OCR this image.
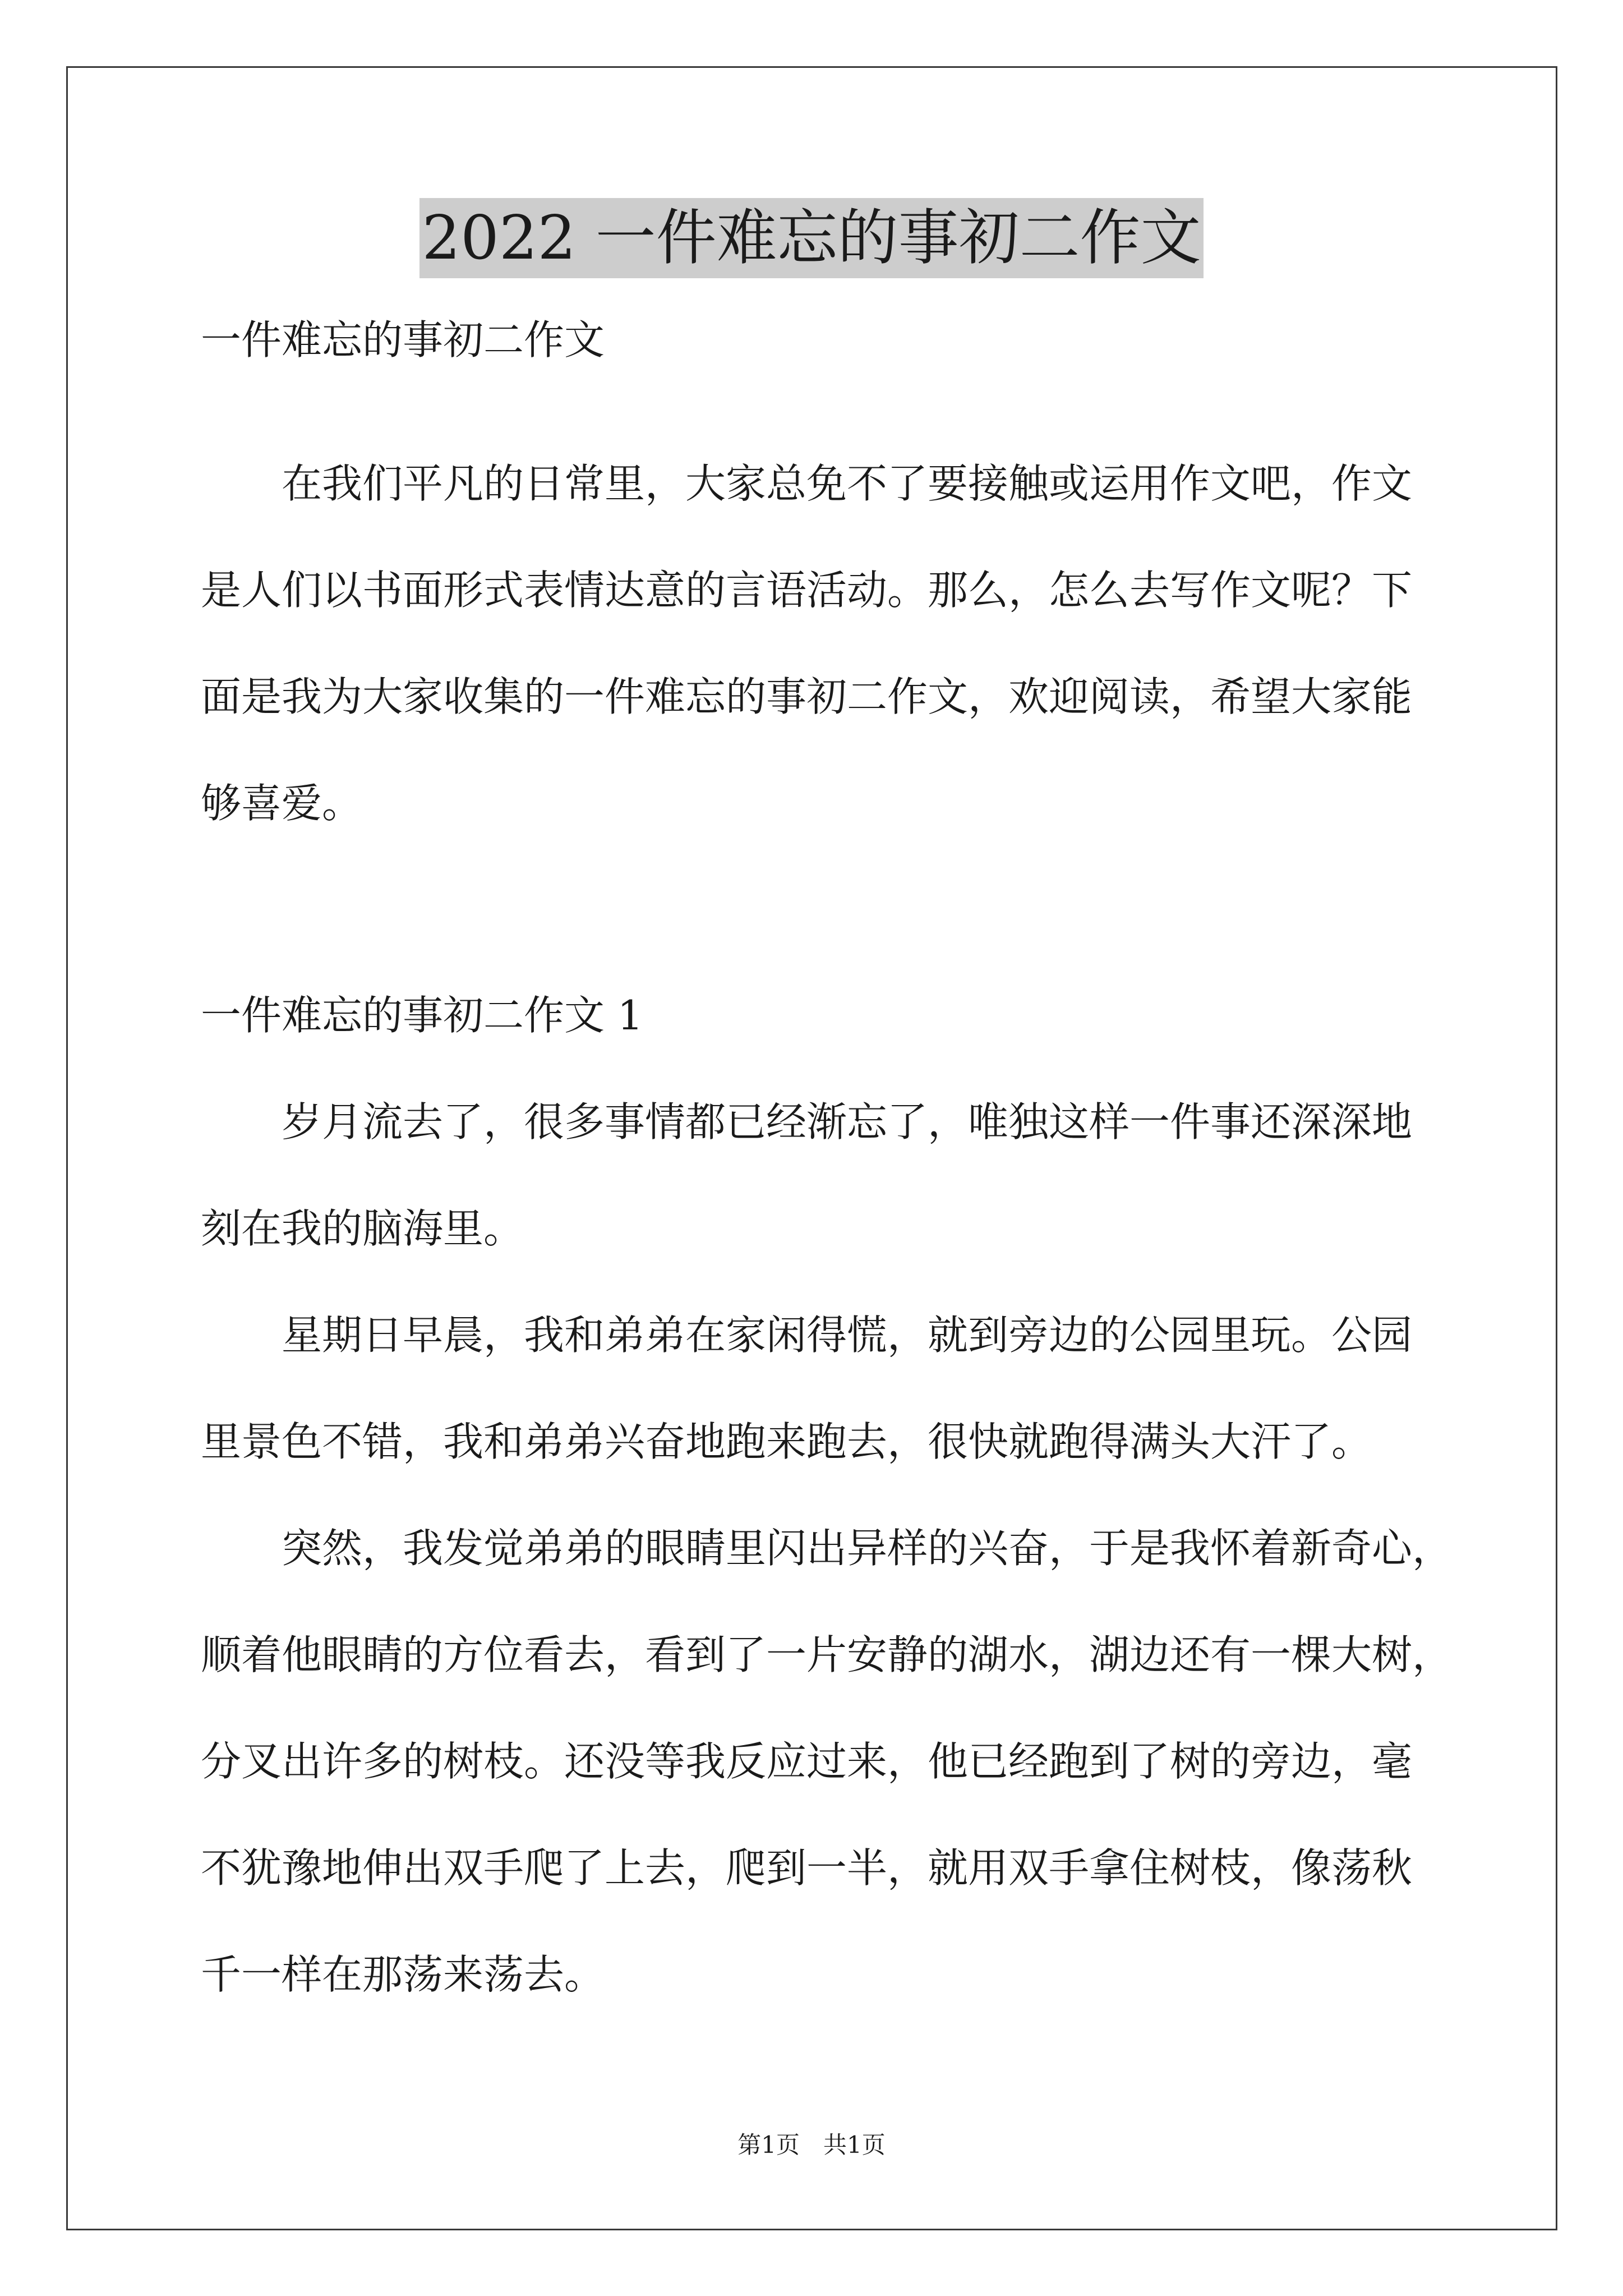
2022 一件难忘的事初二作文
一件难忘的事初二作文
在我们平凡的日常里，大家总免不了要接触或运用作文吧，作文
是人们以书面形式表情达意的言语活动。那么，怎么去写作文呢？下
面是我为大家收集的一件难忘的事初二作文，欢迎阅读，希望大家能
够喜爱。
一件难忘的事初二作文 1
岁月流去了，很多事情都已经渐忘了，唯独这样一件事还深深地
刻在我的脑海里。
星期日早晨，我和弟弟在家闲得慌，就到旁边的公园里玩。公园
里景色不错，我和弟弟兴奋地跑来跑去，很快就跑得满头大汗了。
突然，我发觉弟弟的眼睛里闪出异样的兴奋，于是我怀着新奇心，
顺着他眼睛的方位看去，看到了一片安静的湖水，湖边还有一棵大树，
分叉出许多的树枝。还没等我反应过来，他已经跑到了树的旁边，毫
不犹豫地伸出双手爬了上去，爬到一半，就用双手拿住树枝，像荡秋
千一样在那荡来荡去。
第1页　共1页
